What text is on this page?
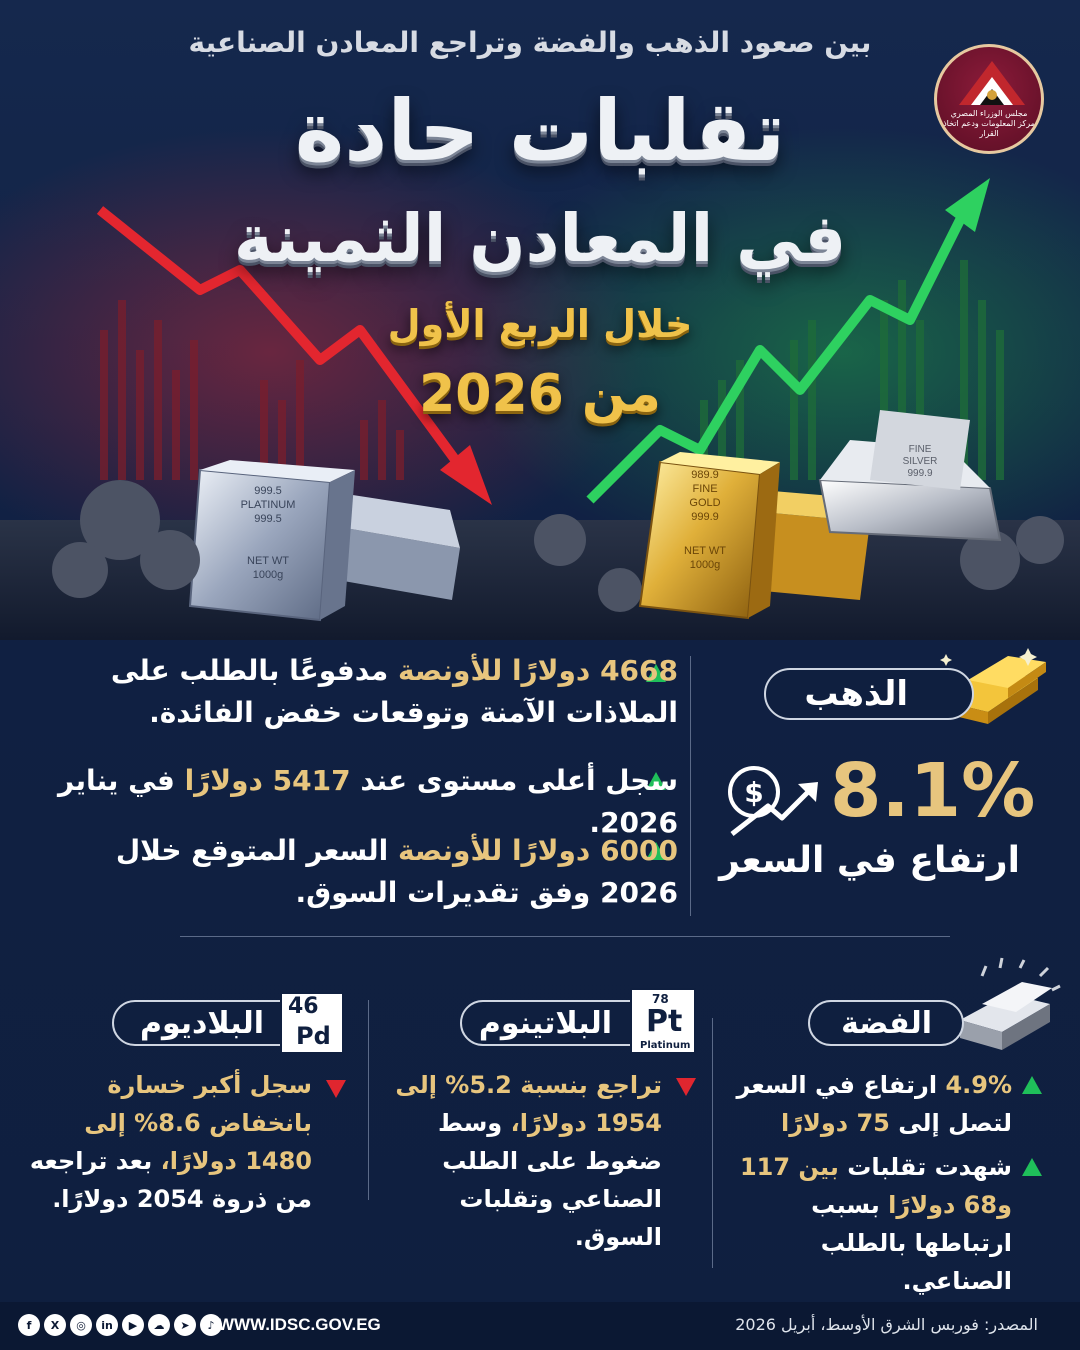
999.5
PLATINUM
999.5
NET WT
1000g
989.9
FINE
GOLD
999.9
NET WT
1000g
FINE
SILVER
999.9
بين صعود الذهب والفضة وتراجع المعادن الصناعية
تقلبات حادة
في المعادن الثمينة
خلال الربع الأول
من 2026
مجلس الوزراء المصري
مركز المعلومات ودعم اتخاذ القرار
الذهب
8.1%
$
ارتفاع في السعر
4668 دولارًا للأونصة مدفوعًا بالطلب على الملاذات الآمنة وتوقعات خفض الفائدة.
سجل أعلى مستوى عند 5417 دولارًا في يناير 2026.
6000 دولارًا للأونصة السعر المتوقع خلال 2026 وفق تقديرات السوق.
الفضة
4.9% ارتفاع في السعر لتصل إلى 75 دولارًا
شهدت تقلبات بين 117 و68 دولارًا بسبب ارتباطها بالطلب الصناعي.
البلاتينوم
78
Pt
Platinum
تراجع بنسبة 5.2% إلى 1954 دولارًا، وسط ضغوط على الطلب الصناعي وتقلبات السوق.
البلاديوم 46
Pd
سجل أكبر خسارة بانخفاض 8.6% إلى 1480 دولارًا، بعد تراجعه من ذروة 2054 دولارًا.
f	X	◎	in	▶	☁	➤	♪ WWW.IDSC.GOV.EG	المصدر: فوربس الشرق الأوسط، أبريل 2026
